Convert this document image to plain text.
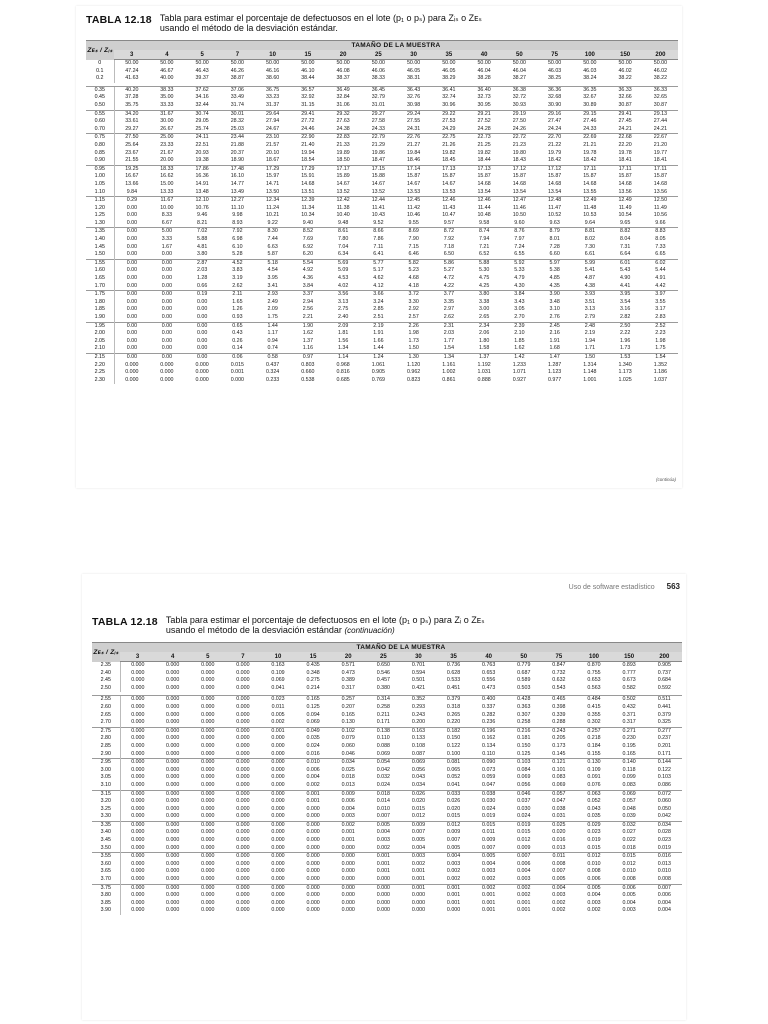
TABLA 12.18 Tabla para estimar el porcentaje de defectuosos en el lote (p₁ o pₛ) para Zᵢₛ o Zᴇₛ
usando el método de la desviación estándar.
Zᴇₛ / Zᵢₛ	TAMAÑO DE LA MUESTRA															
	3	4	5	7	10	15	20	25	30	35	40	50	75	100	150	200
0	50.00	50.00	50.00	50.00	50.00	50.00	50.00	50.00	50.00	50.00	50.00	50.00	50.00	50.00	50.00	50.00
0.1	47.24	46.67	46.43	46.26	46.16	46.10	46.08	46.06	46.05	46.05	46.04	46.04	46.03	46.03	46.02	46.02
0.2	41.63	40.00	39.37	38.87	38.60	38.44	38.37	38.33	38.31	38.29	38.28	38.27	38.25	38.24	38.22	38.22

0.35	40.20	38.33	37.62	37.06	36.75	36.57	36.49	36.45	36.43	36.41	36.40	36.38	36.36	36.35	36.33	36.33
0.45	37.28	35.00	34.16	33.49	33.23	32.92	32.84	32.79	32.76	32.74	32.73	32.72	32.68	32.67	32.66	32.65
0.50	35.75	33.33	32.44	31.74	31.37	31.15	31.06	31.01	30.98	30.96	30.95	30.93	30.90	30.89	30.87	30.87
0.55	34.20	31.67	30.74	30.01	29.64	29.41	29.32	29.27	29.24	29.22	29.21	29.19	29.16	29.15	29.41	29.13
0.60	33.61	30.00	29.05	28.32	27.94	27.72	27.63	27.58	27.55	27.53	27.52	27.50	27.47	27.46	27.45	27.44
0.70	29.27	26.67	25.74	25.03	24.67	24.46	24.38	24.33	24.31	24.29	24.28	24.26	24.24	24.33	24.21	24.21
0.75	27.50	25.00	24.11	23.44	23.10	22.90	22.83	22.79	22.76	22.75	22.73	22.72	22.70	22.69	22.68	22.67
0.80	25.64	23.33	22.51	21.88	21.57	21.40	21.33	21.29	21.27	21.26	21.25	21.23	21.22	21.21	22.20	21.20
0.85	23.67	21.67	20.93	20.37	20.10	19.94	19.89	19.86	19.84	19.82	19.82	19.80	19.79	19.78	19.78	19.77
0.90	21.55	20.00	19.38	18.90	18.67	18.54	18.50	18.47	18.46	18.45	18.44	18.43	18.42	18.42	18.41	18.41
0.95	19.25	18.33	17.86	17.48	17.29	17.29	17.17	17.15	17.14	17.13	17.13	17.12	17.12	17.11	17.11	17.11
1.00	16.67	16.62	16.36	16.10	15.97	15.91	15.89	15.88	15.87	15.87	15.87	15.87	15.87	15.87	15.87	15.87
1.05	13.66	15.00	14.91	14.77	14.71	14.68	14.67	14.67	14.67	14.67	14.68	14.68	14.68	14.68	14.68	14.68
1.10	9.84	13.33	13.48	13.49	13.50	13.51	13.52	13.52	13.53	13.53	13.54	13.54	13.54	13.55	13.56	13.56
1.15	0.29	11.67	12.10	12.27	12.34	12.39	12.42	12.44	12.45	12.46	12.46	12.47	12.48	12.49	12.49	12.50
1.20	0.00	10.00	10.76	11.10	11.24	11.34	11.38	11.41	11.42	11.43	11.44	11.46	11.47	11.48	11.49	11.49
1.25	0.00	8.33	9.46	9.98	10.21	10.34	10.40	10.43	10.46	10.47	10.48	10.50	10.52	10.53	10.54	10.56
1.30	0.00	6.67	8.21	8.93	9.22	9.40	9.48	9.52	9.55	9.57	9.58	9.60	9.63	9.64	9.65	9.66
1.35	0.00	5.00	7.02	7.92	8.30	8.52	8.61	8.66	8.69	8.72	8.74	8.76	8.79	8.81	8.82	8.83
1.40	0.00	3.33	5.88	6.98	7.44	7.69	7.80	7.86	7.90	7.92	7.94	7.97	8.01	8.02	8.04	8.05
1.45	0.00	1.67	4.81	6.10	6.63	6.92	7.04	7.11	7.15	7.18	7.21	7.24	7.28	7.30	7.31	7.33
1.50	0.00	0.00	3.80	5.28	5.87	6.20	6.34	6.41	6.46	6.50	6.52	6.55	6.60	6.61	6.64	6.65
1.55	0.00	0.00	2.87	4.52	5.18	5.54	5.69	5.77	5.82	5.86	5.88	5.92	5.97	5.99	6.01	6.02
1.60	0.00	0.00	2.03	3.83	4.54	4.92	5.09	5.17	5.23	5.27	5.30	5.33	5.38	5.41	5.43	5.44
1.65	0.00	0.00	1.28	3.19	3.95	4.36	4.53	4.62	4.68	4.72	4.75	4.79	4.85	4.87	4.90	4.91
1.70	0.00	0.00	0.66	2.62	3.41	3.84	4.02	4.12	4.18	4.22	4.25	4.30	4.35	4.38	4.41	4.42
1.75	0.00	0.00	0.19	2.11	2.93	3.37	3.56	3.66	3.72	3.77	3.80	3.84	3.90	3.93	3.95	3.97
1.80	0.00	0.00	0.00	1.65	2.49	2.94	3.13	3.24	3.30	3.35	3.38	3.43	3.48	3.51	3.54	3.55
1.85	0.00	0.00	0.00	1.26	2.09	2.56	2.75	2.85	2.92	2.97	3.00	3.05	3.10	3.13	3.16	3.17
1.90	0.00	0.00	0.00	0.93	1.75	2.21	2.40	2.51	2.57	2.62	2.65	2.70	2.76	2.79	2.82	2.83
1.95	0.00	0.00	0.00	0.65	1.44	1.90	2.09	2.19	2.26	2.31	2.34	2.39	2.45	2.48	2.50	2.52
2.00	0.00	0.00	0.00	0.43	1.17	1.62	1.81	1.91	1.98	2.03	2.06	2.10	2.16	2.19	2.22	2.23
2.05	0.00	0.00	0.00	0.26	0.94	1.37	1.56	1.66	1.73	1.77	1.80	1.85	1.91	1.94	1.96	1.98
2.10	0.00	0.00	0.00	0.14	0.74	1.16	1.34	1.44	1.50	1.54	1.58	1.62	1.68	1.71	1.73	1.75
2.15	0.00	0.00	0.00	0.06	0.58	0.97	1.14	1.24	1.30	1.34	1.37	1.42	1.47	1.50	1.53	1.54
2.20	0.000	0.000	0.000	0.015	0.437	0.803	0.968	1.061	1.120	1.161	1.192	1.233	1.287	1.314	1.340	1.352
2.25	0.000	0.000	0.000	0.001	0.324	0.660	0.816	0.905	0.962	1.002	1.031	1.071	1.123	1.148	1.173	1.186
2.30	0.000	0.000	0.000	0.000	0.233	0.538	0.685	0.769	0.823	0.861	0.888	0.927	0.977	1.001	1.025	1.037
(continúa)
Uso de software estadístico 563
TABLA 12.18 Tabla para estimar el porcentaje de defectuosos en el lote (p₁ o pₛ) para Zᵢ o Zᴇₛ
usando el método de la desviación estándar (continuación)
Zᴇₛ / Zᵢₛ	TAMAÑO DE LA MUESTRA															
	3	4	5	7	10	15	20	25	30	35	40	50	75	100	150	200
2.35	0.000	0.000	0.000	0.000	0.163	0.435	0.571	0.650	0.701	0.736	0.763	0.779	0.847	0.870	0.893	0.905
2.40	0.000	0.000	0.000	0.000	0.109	0.348	0.473	0.546	0.594	0.628	0.653	0.687	0.732	0.755	0.777	0.737
2.45	0.000	0.000	0.000	0.000	0.069	0.275	0.389	0.457	0.501	0.533	0.556	0.589	0.632	0.653	0.673	0.684
2.50	0.000	0.000	0.000	0.000	0.041	0.214	0.317	0.380	0.421	0.451	0.473	0.503	0.543	0.563	0.582	0.592

2.55	0.000	0.000	0.000	0.000	0.023	0.165	0.257	0.314	0.352	0.379	0.400	0.428	0.465	0.484	0.502	0.511
2.60	0.000	0.000	0.000	0.000	0.011	0.125	0.207	0.258	0.293	0.318	0.337	0.363	0.398	0.415	0.432	0.441
2.65	0.000	0.000	0.000	0.000	0.005	0.094	0.165	0.211	0.243	0.265	0.282	0.307	0.339	0.355	0.371	0.379
2.70	0.000	0.000	0.000	0.000	0.002	0.069	0.130	0.171	0.200	0.220	0.236	0.258	0.288	0.302	0.317	0.325
2.75	0.000	0.000	0.000	0.000	0.001	0.049	0.102	0.138	0.163	0.182	0.196	0.216	0.243	0.257	0.271	0.277
2.80	0.000	0.000	0.000	0.000	0.000	0.035	0.079	0.110	0.133	0.150	0.162	0.181	0.205	0.218	0.230	0.237
2.85	0.000	0.000	0.000	0.000	0.000	0.024	0.060	0.088	0.108	0.122	0.134	0.150	0.173	0.184	0.195	0.201
2.90	0.000	0.000	0.000	0.000	0.000	0.016	0.046	0.069	0.087	0.100	0.110	0.125	0.145	0.155	0.165	0.171
2.95	0.000	0.000	0.000	0.000	0.000	0.010	0.034	0.054	0.069	0.081	0.090	0.103	0.121	0.130	0.140	0.144
3.00	0.000	0.000	0.000	0.000	0.000	0.006	0.025	0.042	0.056	0.065	0.073	0.084	0.101	0.109	0.118	0.122
3.05	0.000	0.000	0.000	0.000	0.000	0.004	0.018	0.032	0.043	0.052	0.059	0.069	0.083	0.091	0.099	0.103
3.10	0.000	0.000	0.000	0.000	0.000	0.002	0.013	0.024	0.034	0.041	0.047	0.056	0.069	0.076	0.083	0.086
3.15	0.000	0.000	0.000	0.000	0.000	0.001	0.009	0.018	0.026	0.033	0.038	0.046	0.057	0.063	0.069	0.072
3.20	0.000	0.000	0.000	0.000	0.000	0.001	0.006	0.014	0.020	0.026	0.030	0.037	0.047	0.052	0.057	0.060
3.25	0.000	0.000	0.000	0.000	0.000	0.000	0.004	0.010	0.015	0.020	0.024	0.030	0.038	0.043	0.048	0.050
3.30	0.000	0.000	0.000	0.000	0.000	0.000	0.003	0.007	0.012	0.015	0.019	0.024	0.031	0.035	0.039	0.042
3.35	0.000	0.000	0.000	0.000	0.000	0.000	0.002	0.005	0.009	0.012	0.015	0.019	0.025	0.029	0.032	0.034
3.40	0.000	0.000	0.000	0.000	0.000	0.000	0.001	0.004	0.007	0.009	0.011	0.015	0.020	0.023	0.027	0.028
3.45	0.000	0.000	0.000	0.000	0.000	0.000	0.001	0.003	0.005	0.007	0.009	0.012	0.016	0.019	0.022	0.023
3.50	0.000	0.000	0.000	0.000	0.000	0.000	0.000	0.002	0.004	0.005	0.007	0.009	0.013	0.015	0.018	0.019
3.55	0.000	0.000	0.000	0.000	0.000	0.000	0.000	0.001	0.003	0.004	0.005	0.007	0.011	0.012	0.015	0.016
3.60	0.000	0.000	0.000	0.000	0.000	0.000	0.000	0.001	0.002	0.003	0.004	0.006	0.008	0.010	0.012	0.013
3.65	0.000	0.000	0.000	0.000	0.000	0.000	0.000	0.001	0.001	0.002	0.003	0.004	0.007	0.008	0.010	0.010
3.70	0.000	0.000	0.000	0.000	0.000	0.000	0.000	0.000	0.001	0.002	0.002	0.003	0.005	0.006	0.008	0.008
3.75	0.000	0.000	0.000	0.000	0.000	0.000	0.000	0.000	0.001	0.001	0.002	0.002	0.004	0.005	0.006	0.007
3.80	0.000	0.000	0.000	0.000	0.000	0.000	0.000	0.000	0.000	0.001	0.001	0.002	0.003	0.004	0.005	0.006
3.85	0.000	0.000	0.000	0.000	0.000	0.000	0.000	0.000	0.000	0.001	0.001	0.001	0.002	0.003	0.004	0.004
3.90	0.000	0.000	0.000	0.000	0.000	0.000	0.000	0.000	0.000	0.000	0.001	0.001	0.002	0.002	0.003	0.004
